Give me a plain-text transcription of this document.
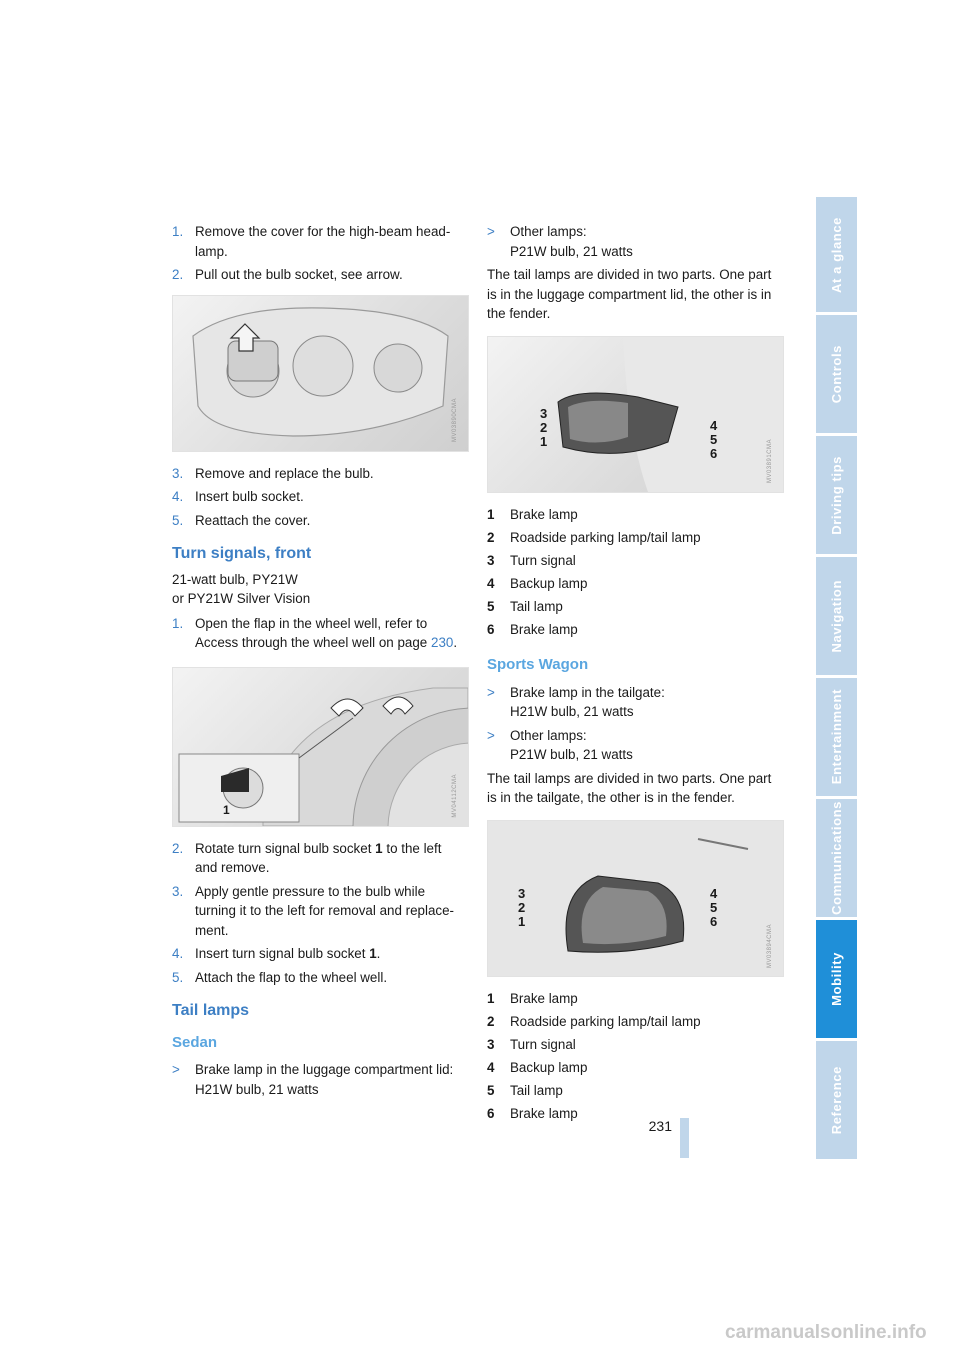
1. Remove the cover for the high-beam head-lamp.
2. Pull out the bulb socket, see arrow.
MV03890CMA
3. Remove and replace the bulb.
4. Insert bulb socket.
5. Reattach the cover.
Turn signals, front
21-watt bulb, PY21W
or PY21W Silver Vision
1. Open the flap in the wheel well, refer to Access through the wheel well on page 230.
1	MV04112CMA
2. Rotate turn signal bulb socket 1 to the left and remove.
3. Apply gentle pressure to the bulb while turning it to the left for removal and replace-ment.
4. Insert turn signal bulb socket 1.
5. Attach the flap to the wheel well.
Tail lamps
Sedan
> Brake lamp in the luggage compartment lid: H21W bulb, 21 watts
> Other lamps:
P21W bulb, 21 watts
The tail lamps are divided in two parts. One part is in the luggage compartment lid, the other is in the fender.
3
2
1
4
5
6	MV03891CMA
1 Brake lamp
2 Roadside parking lamp/tail lamp
3 Turn signal
4 Backup lamp
5 Tail lamp
6 Brake lamp
Sports Wagon
> Brake lamp in the tailgate:
H21W bulb, 21 watts
> Other lamps:
P21W bulb, 21 watts
The tail lamps are divided in two parts. One part is in the tailgate, the other is in the fender.
3
2
1
4
5
6
MV03894CMA
1 Brake lamp
2 Roadside parking lamp/tail lamp
3 Turn signal
4 Backup lamp
5 Tail lamp
6 Brake lamp
At a glance
Controls
Driving tips
Navigation
Entertainment
Communications
Mobility
Reference
231
carmanualsonline.info
